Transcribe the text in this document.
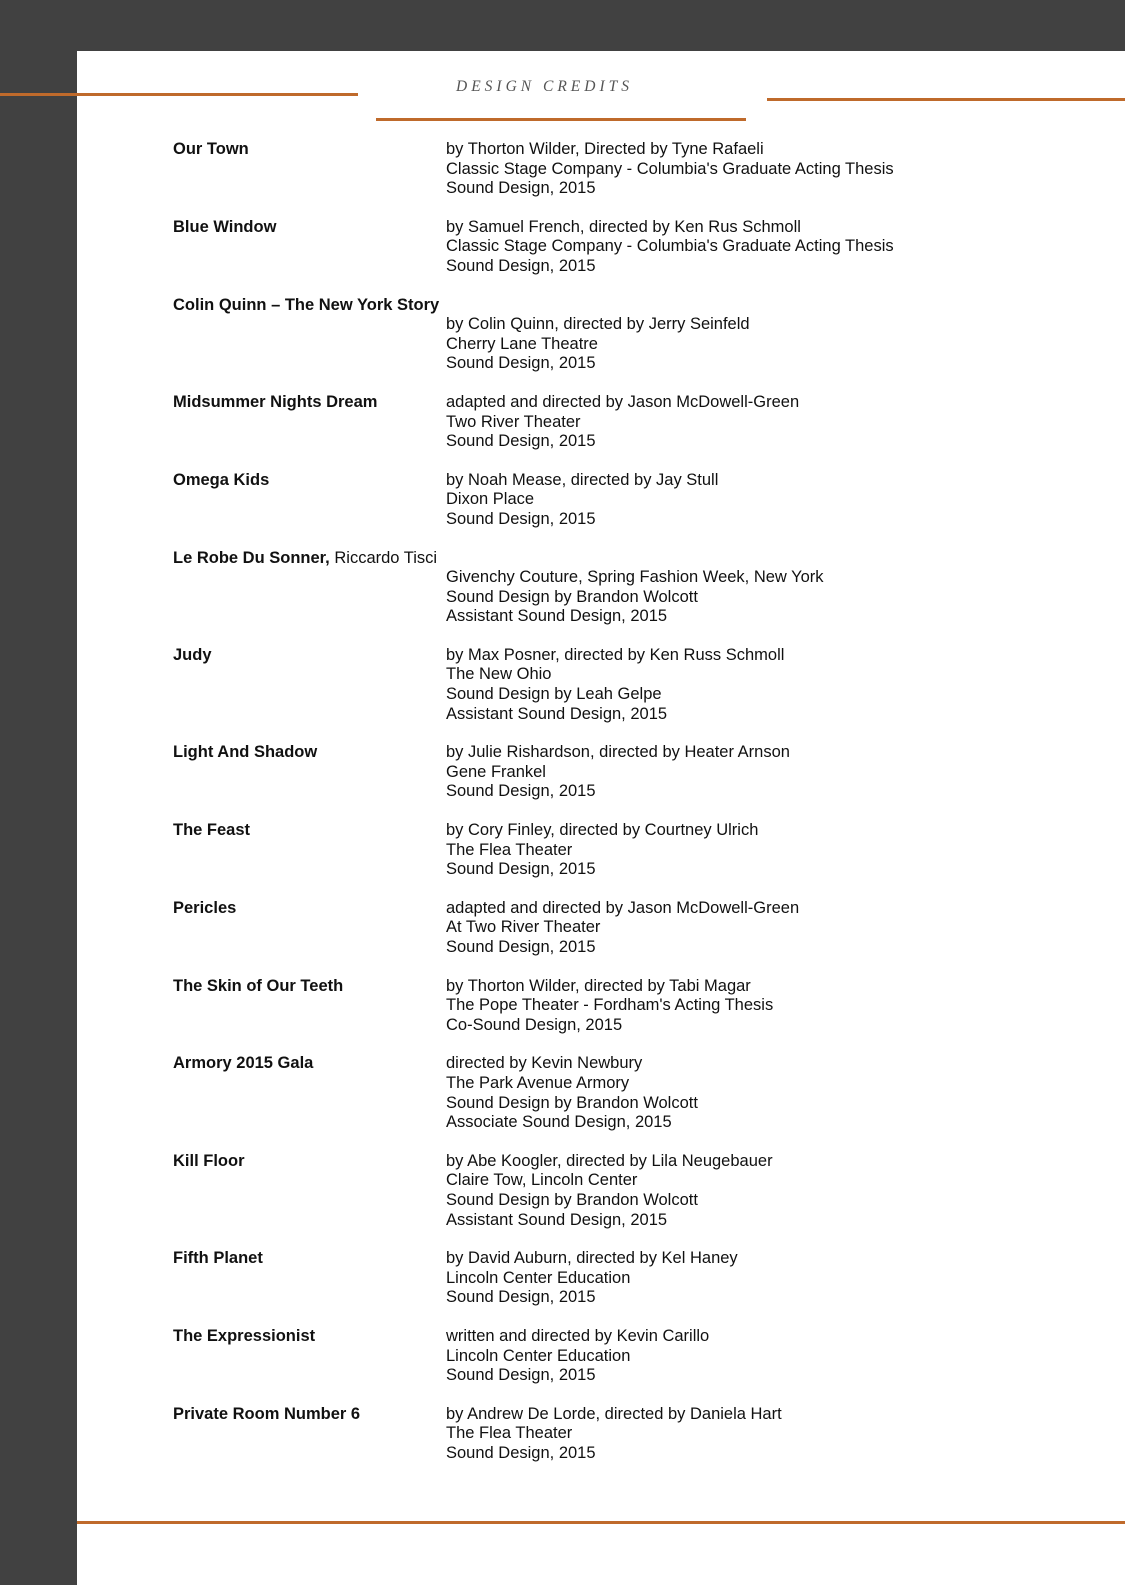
DESIGN CREDITS
Our Town	by Thorton Wilder, Directed by Tyne Rafaeli
Classic Stage Company - Columbia's Graduate Acting Thesis
Sound Design, 2015
Blue Window	by Samuel French, directed by Ken Rus Schmoll
Classic Stage Company - Columbia's Graduate Acting Thesis
Sound Design, 2015
Colin Quinn – The New York Story
by Colin Quinn, directed by Jerry Seinfeld
Cherry Lane Theatre
Sound Design, 2015
Midsummer Nights Dream	adapted and directed by Jason McDowell-Green
Two River Theater
Sound Design, 2015
Omega Kids	by Noah Mease, directed by Jay Stull
Dixon Place
Sound Design, 2015
Le Robe Du Sonner, Riccardo Tisci
Givenchy Couture, Spring Fashion Week, New York
Sound Design by Brandon Wolcott
Assistant Sound Design, 2015
Judy	by Max Posner, directed by Ken Russ Schmoll
The New Ohio
Sound Design by Leah Gelpe
Assistant Sound Design, 2015
Light And Shadow	by Julie Rishardson, directed by Heater Arnson
Gene Frankel
Sound Design, 2015
The Feast	by Cory Finley, directed by Courtney Ulrich
The Flea Theater
Sound Design, 2015
Pericles	adapted and directed by Jason McDowell-Green
At Two River Theater
Sound Design, 2015
The Skin of Our Teeth	by Thorton Wilder, directed by Tabi Magar
The Pope Theater - Fordham's Acting Thesis
Co-Sound Design, 2015
Armory 2015 Gala	directed by Kevin Newbury
The Park Avenue Armory
Sound Design by Brandon Wolcott
Associate Sound Design, 2015
Kill Floor	by Abe Koogler, directed by Lila Neugebauer
Claire Tow, Lincoln Center
Sound Design by Brandon Wolcott
Assistant Sound Design, 2015
Fifth Planet	by David Auburn, directed by Kel Haney
Lincoln Center Education
Sound Design, 2015
The Expressionist	written and directed by Kevin Carillo
Lincoln Center Education
Sound Design, 2015
Private Room Number 6	by Andrew De Lorde, directed by Daniela Hart
The Flea Theater
Sound Design, 2015
